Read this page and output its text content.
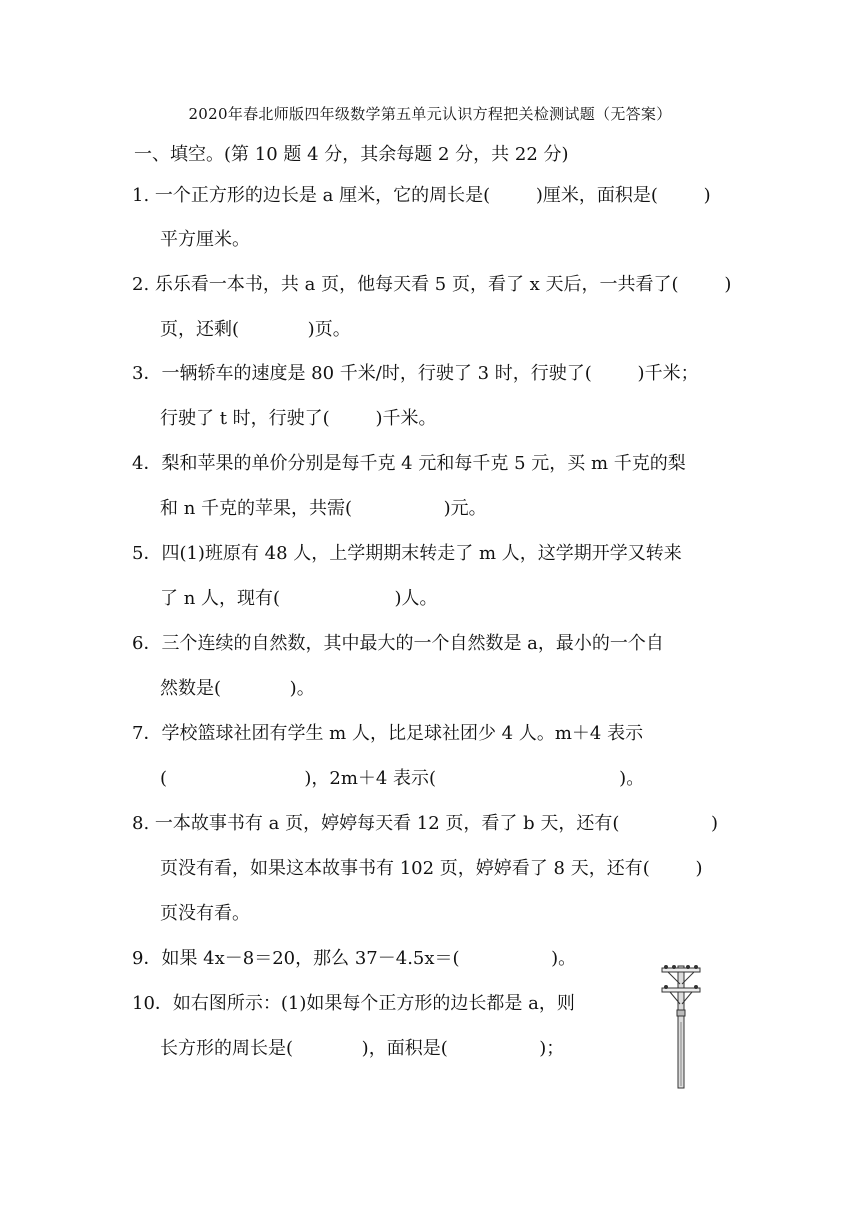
2020年春北师版四年级数学第五单元认识方程把关检测试题（无答案）
一、填空。(第 10 题 4 分，其余每题 2 分，共 22 分)
1. 一个正方形的边长是 a 厘米，它的周长是(        )厘米，面积是(        )
平方厘米。
2. 乐乐看一本书，共 a 页，他每天看 5 页，看了 x 天后，一共看了(        )
页，还剩(            )页。
3．一辆轿车的速度是 80 千米/时，行驶了 3 时，行驶了(        )千米；
行驶了 t 时，行驶了(        )千米。
4．梨和苹果的单价分别是每千克 4 元和每千克 5 元，买 m 千克的梨
和 n 千克的苹果，共需(                )元。
5．四(1)班原有 48 人，上学期期末转走了 m 人，这学期开学又转来
了 n 人，现有(                    )人。
6．三个连续的自然数，其中最大的一个自然数是 a，最小的一个自
然数是(            )。
7．学校篮球社团有学生 m 人，比足球社团少 4 人。m＋4 表示
(                        )，2m＋4 表示(                                )。
8. 一本故事书有 a 页，婷婷每天看 12 页，看了 b 天，还有(                )
页没有看，如果这本故事书有 102 页，婷婷看了 8 天，还有(        )
页没有看。
9．如果 4x－8＝20，那么 37－4.5x＝(                )。
10．如右图所示：(1)如果每个正方形的边长都是 a，则
长方形的周长是(            )，面积是(                )；
